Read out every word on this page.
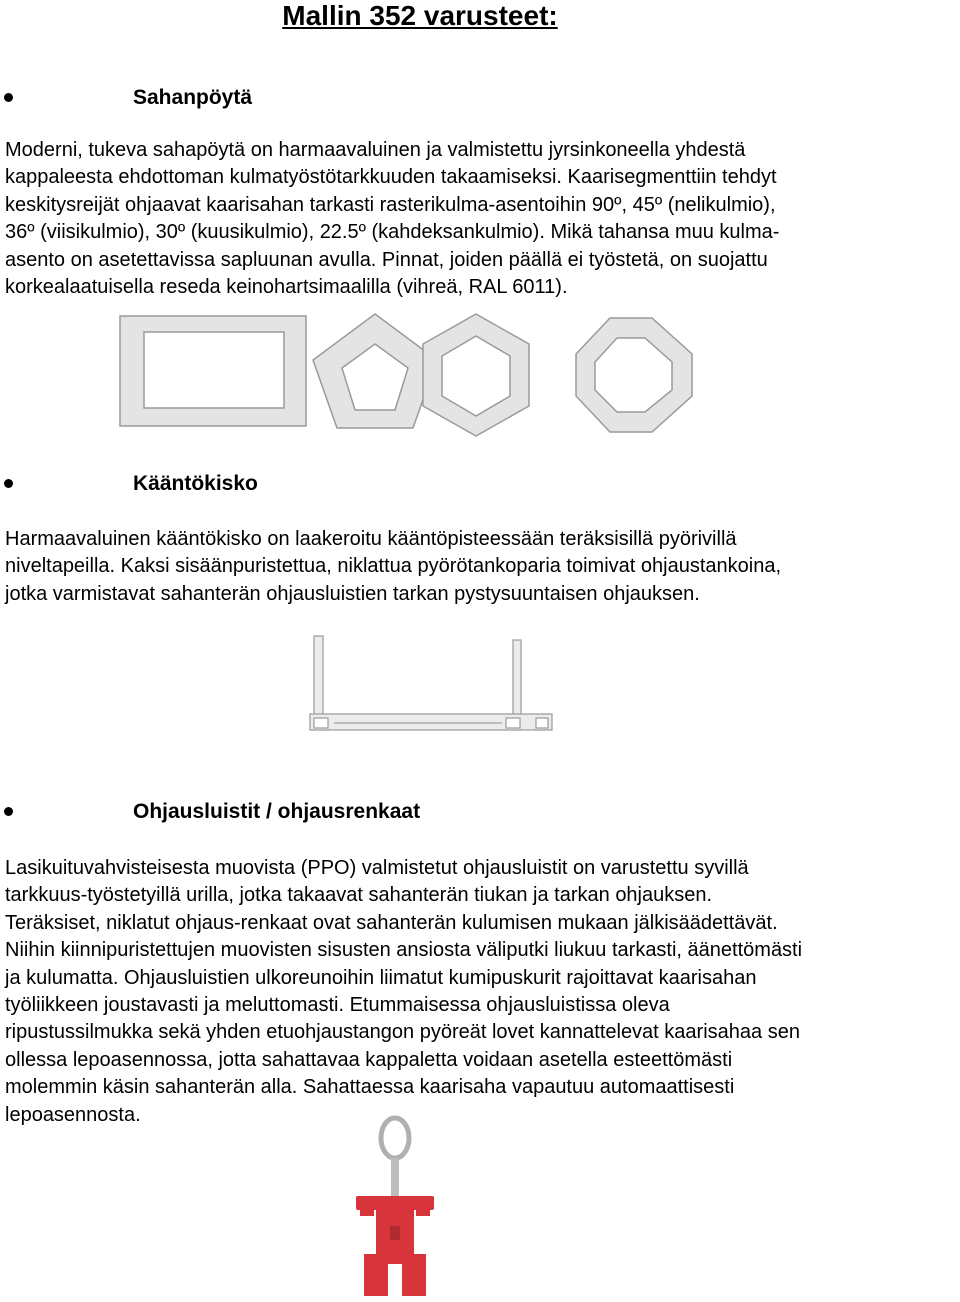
Mallin 352 varusteet:
Sahanpöytä

Moderni, tukeva sahapöytä on harmaavaluinen ja valmistettu jyrsinkoneella yhdestä
kappaleesta ehdottoman kulmatyöstötarkkuuden takaamiseksi. Kaarisegmenttiin tehdyt
keskitysreijät ohjaavat kaarisahan tarkasti rasterikulma-asentoihin 90º, 45º (nelikulmio),
36º (viisikulmio), 30º (kuusikulmio), 22.5º (kahdeksankulmio). Mikä tahansa muu kulma-
asento on asetettavissa sapluunan avulla. Pinnat, joiden päällä ei työstetä, on suojattu
korkealaatuisella reseda keinohartsimaalilla (vihreä, RAL 6011).

Kääntökisko

Harmaavaluinen kääntökisko on laakeroitu kääntöpisteessään teräksisillä pyörivillä
niveltapeilla. Kaksi sisäänpuristettua, niklattua pyörötankoparia toimivat ohjaustankoina,
jotka varmistavat sahanterän ohjausluistien tarkan pystysuuntaisen ohjauksen.

Ohjausluistit / ohjausrenkaat

Lasikuituvahvisteisesta muovista (PPO) valmistetut ohjausluistit on varustettu syvillä
tarkkuus-työstetyillä urilla, jotka takaavat sahanterän tiukan ja tarkan ohjauksen.
Teräksiset, niklatut ohjaus-renkaat ovat sahanterän kulumisen mukaan jälkisäädettävät.
Niihin kiinnipuristettujen muovisten sisusten ansiosta väliputki liukuu tarkasti, äänettömästi
ja kulumatta. Ohjausluistien ulkoreunoihin liimatut kumipuskurit rajoittavat kaarisahan
työliikkeen joustavasti ja meluttomasti. Etummaisessa ohjausluistissa oleva
ripustussilmukka sekä yhden etuohjaustangon pyöreät lovet kannattelevat kaarisahaa sen
ollessa lepoasennossa, jotta sahattavaa kappaletta voidaan asetella esteettömästi
molemmin käsin sahanterän alla. Sahattaessa kaarisaha vapautuu automaattisesti
lepoasennosta.
